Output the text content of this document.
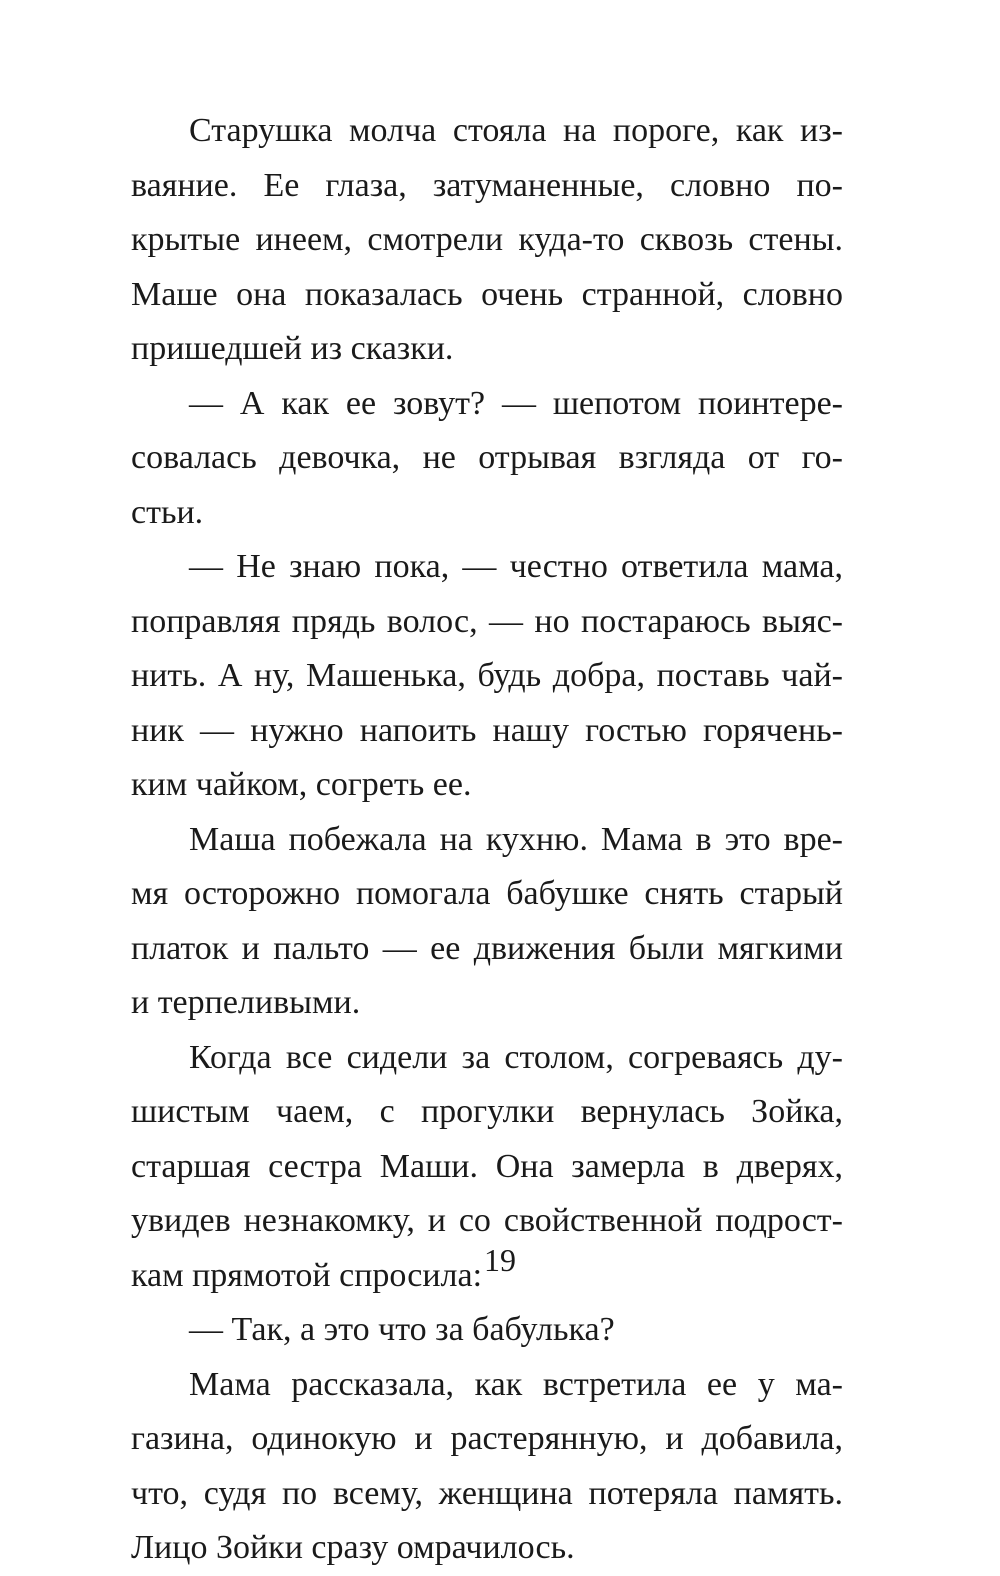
Старушка молча стояла на пороге, как из-
ваяние. Ее глаза, затуманенные, словно по-
крытые инеем, смотрели куда-то сквозь стены.
Маше она показалась очень странной, словно
пришедшей из сказки.
— А как ее зовут? — шепотом поинтере-
совалась девочка, не отрывая взгляда от го-
стьи.
— Не знаю пока, — честно ответила мама,
поправляя прядь волос, — но постараюсь выяс-
нить. А ну, Машенька, будь добра, поставь чай-
ник — нужно напоить нашу гостью горячень-
ким чайком, согреть ее.
Маша побежала на кухню. Мама в это вре-
мя осторожно помогала бабушке снять старый
платок и пальто — ее движения были мягкими
и терпеливыми.
Когда все сидели за столом, согреваясь ду-
шистым чаем, с прогулки вернулась Зойка,
старшая сестра Маши. Она замерла в дверях,
увидев незнакомку, и со свойственной подрост-
кам прямотой спросила:
— Так, а это что за бабулька?
Мама рассказала, как встретила ее у ма-
газина, одинокую и растерянную, и добавила,
что, судя по всему, женщина потеряла память.
Лицо Зойки сразу омрачилось.
19
